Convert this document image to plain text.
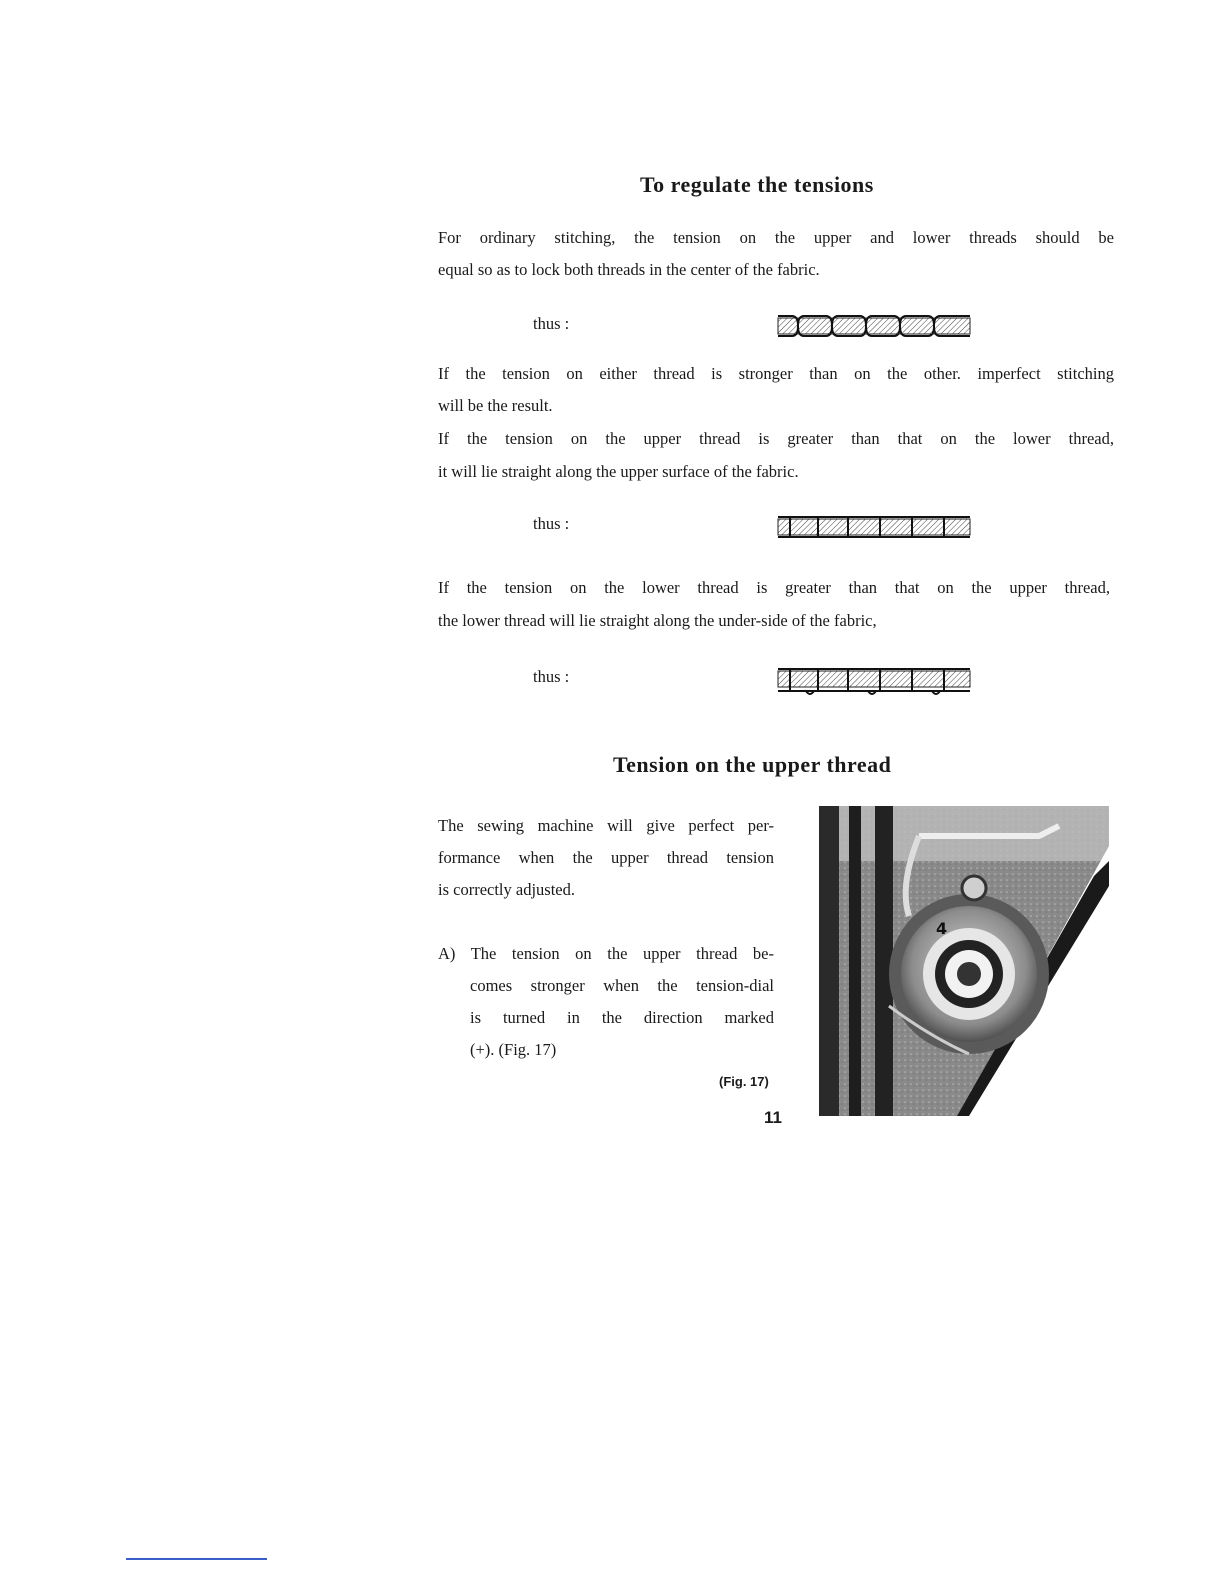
To regulate the tensions
For ordinary stitching, the tension on the upper and lower threads should be
equal so as to lock both threads in the center of the fabric.
thus :
If the tension on either thread is stronger than on the other. imperfect stitching
will be the result.
If the tension on the upper thread is greater than that on the lower thread,
it will lie straight along the upper surface of the fabric.
thus :
If the tension on the lower thread is greater than that on the upper thread,
the lower thread will lie straight along the under-side of the fabric,
thus :
Tension on the upper thread
The sewing machine will give perfect per-
formance when the upper thread tension
is correctly adjusted.
A) The tension on the upper thread be-
comes stronger when the tension-dial
is turned in the direction marked
(+). (Fig. 17)
(Fig. 17)
11
4
